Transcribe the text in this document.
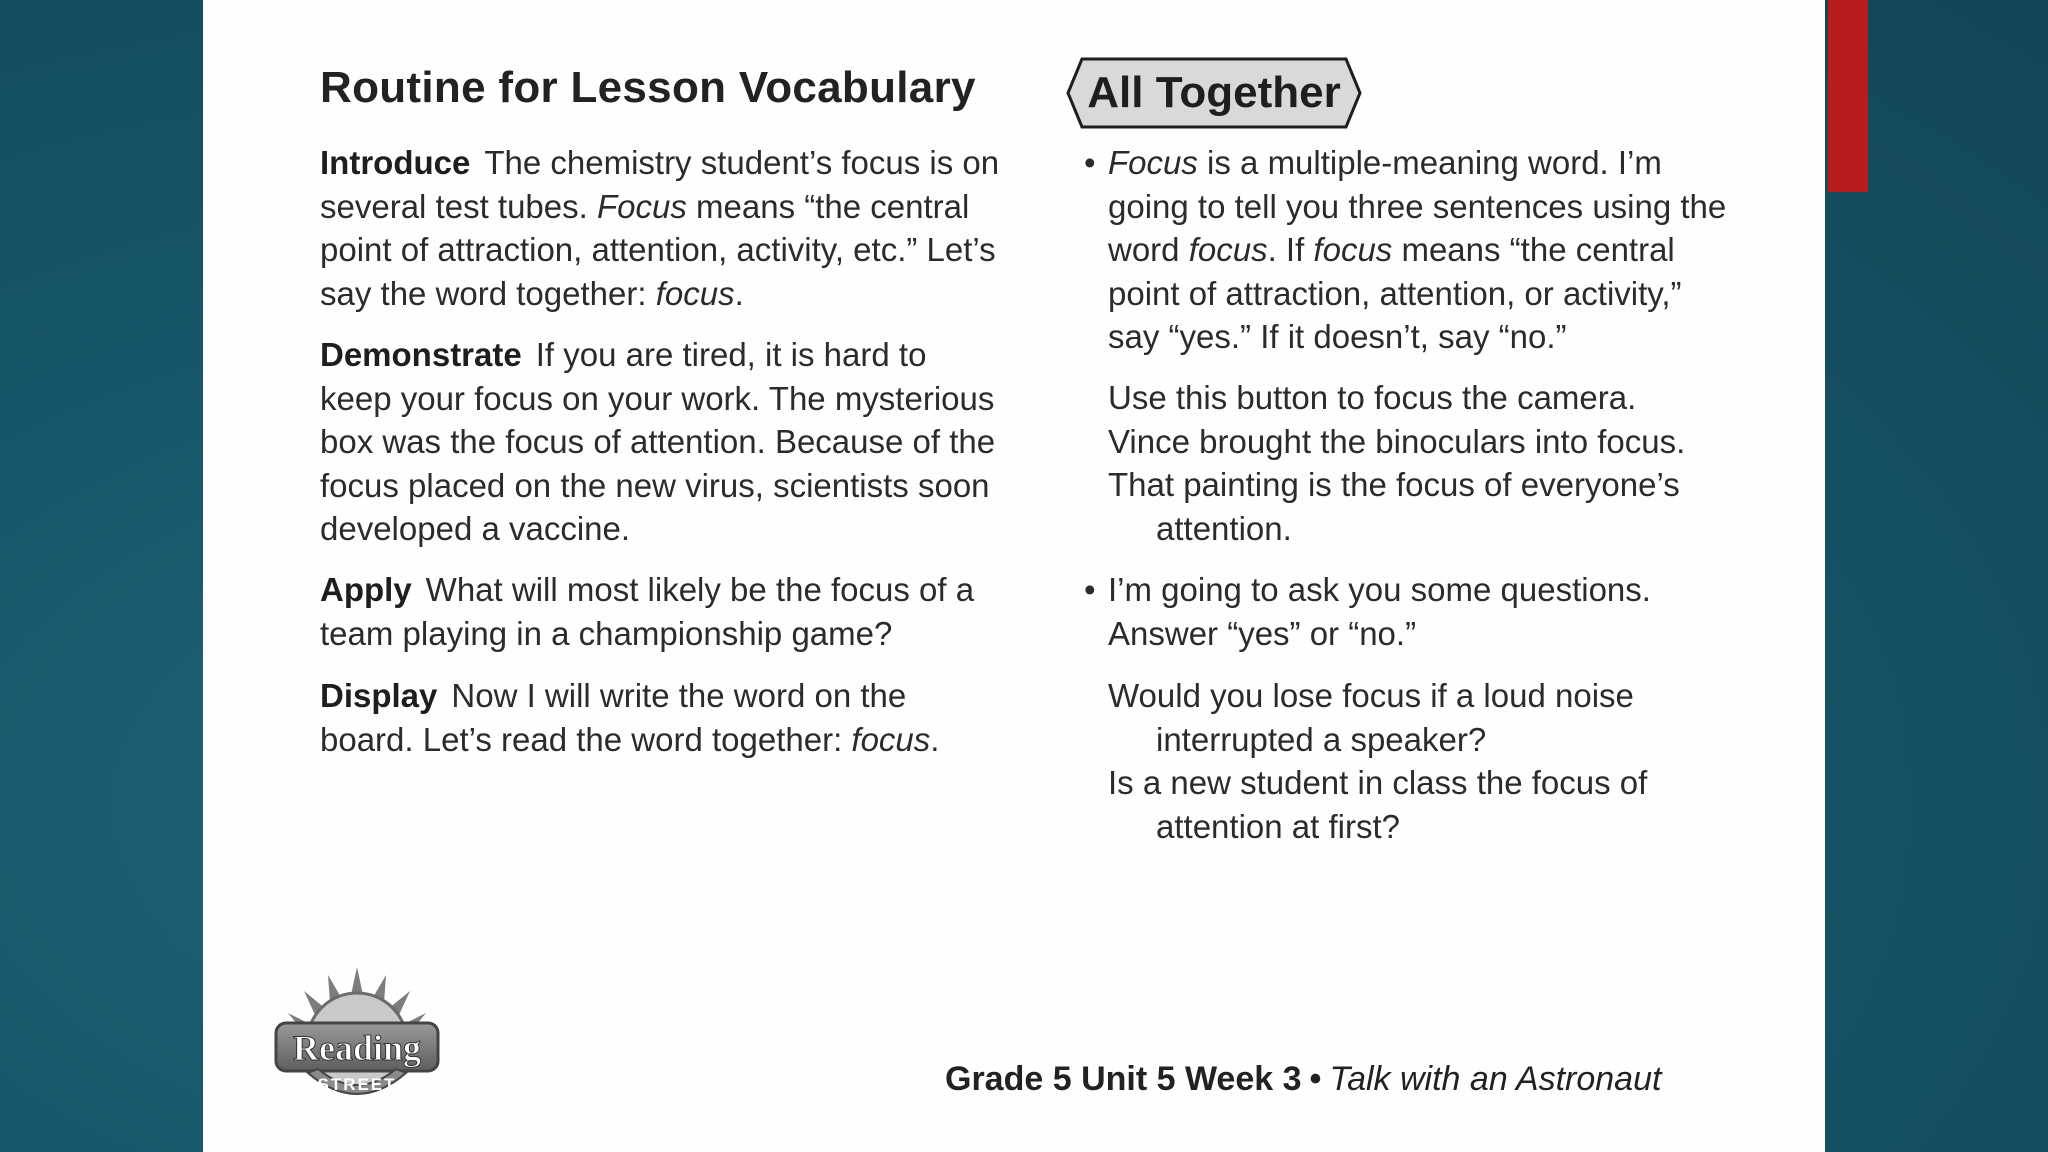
Routine for Lesson Vocabulary
Introduce The chemistry student’s focus is on several test tubes. Focus means “the central point of attraction, attention, activity, etc.” Let’s say the word together: focus.
Demonstrate If you are tired, it is hard to keep your focus on your work. The mysterious box was the focus of attention. Because of the focus placed on the new virus, scientists soon developed a vaccine.
Apply What will most likely be the focus of a team playing in a championship game?
Display Now I will write the word on the board. Let’s read the word together: focus.
All Together
• Focus is a multiple-meaning word. I’m going to tell you three sentences using the word focus. If focus means “the central point of attraction, attention, or activity,” say “yes.” If it doesn’t, say “no.”
Use this button to focus the camera.
Vince brought the binoculars into focus.
That painting is the focus of everyone’s attention.
• I’m going to ask you some questions. Answer “yes” or “no.”
Would you lose focus if a loud noise interrupted a speaker?
Is a new student in class the focus of attention at first?
Grade 5 Unit 5 Week 3 • Talk with an Astronaut
Reading
STREET
